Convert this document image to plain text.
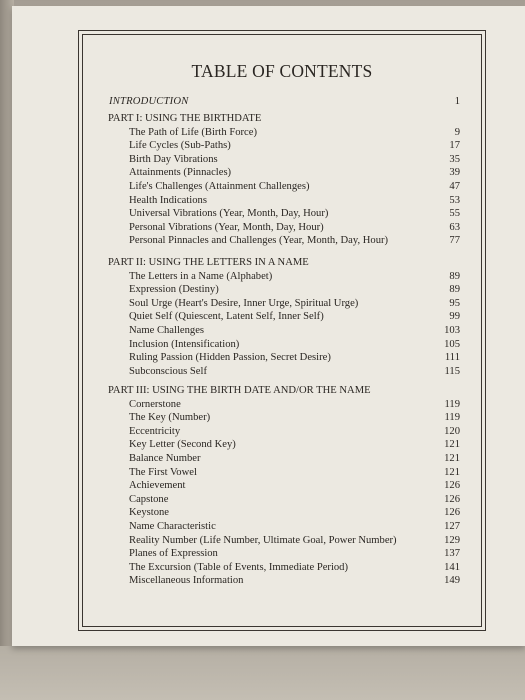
TABLE OF CONTENTS
INTRODUCTION	1
PART I: USING THE BIRTHDATE
The Path of Life (Birth Force)	9
Life Cycles (Sub-Paths)	17
Birth Day Vibrations	35
Attainments (Pinnacles)	39
Life's Challenges (Attainment Challenges)	47
Health Indications	53
Universal Vibrations (Year, Month, Day, Hour)	55
Personal Vibrations (Year, Month, Day, Hour)	63
Personal Pinnacles and Challenges (Year, Month, Day, Hour)	77
PART II: USING THE LETTERS IN A NAME
The Letters in a Name (Alphabet)	89
Expression (Destiny)	89
Soul Urge (Heart's Desire, Inner Urge, Spiritual Urge)	95
Quiet Self (Quiescent, Latent Self, Inner Self)	99
Name Challenges	103
Inclusion (Intensification)	105
Ruling Passion (Hidden Passion, Secret Desire)	111
Subconscious Self	115
PART III: USING THE BIRTH DATE AND/OR THE NAME
Cornerstone	119
The Key (Number)	119
Eccentricity	120
Key Letter (Second Key)	121
Balance Number	121
The First Vowel	121
Achievement	126
Capstone	126
Keystone	126
Name Characteristic	127
Reality Number (Life Number, Ultimate Goal, Power Number)	129
Planes of Expression	137
The Excursion (Table of Events, Immediate Period)	141
Miscellaneous Information	149
